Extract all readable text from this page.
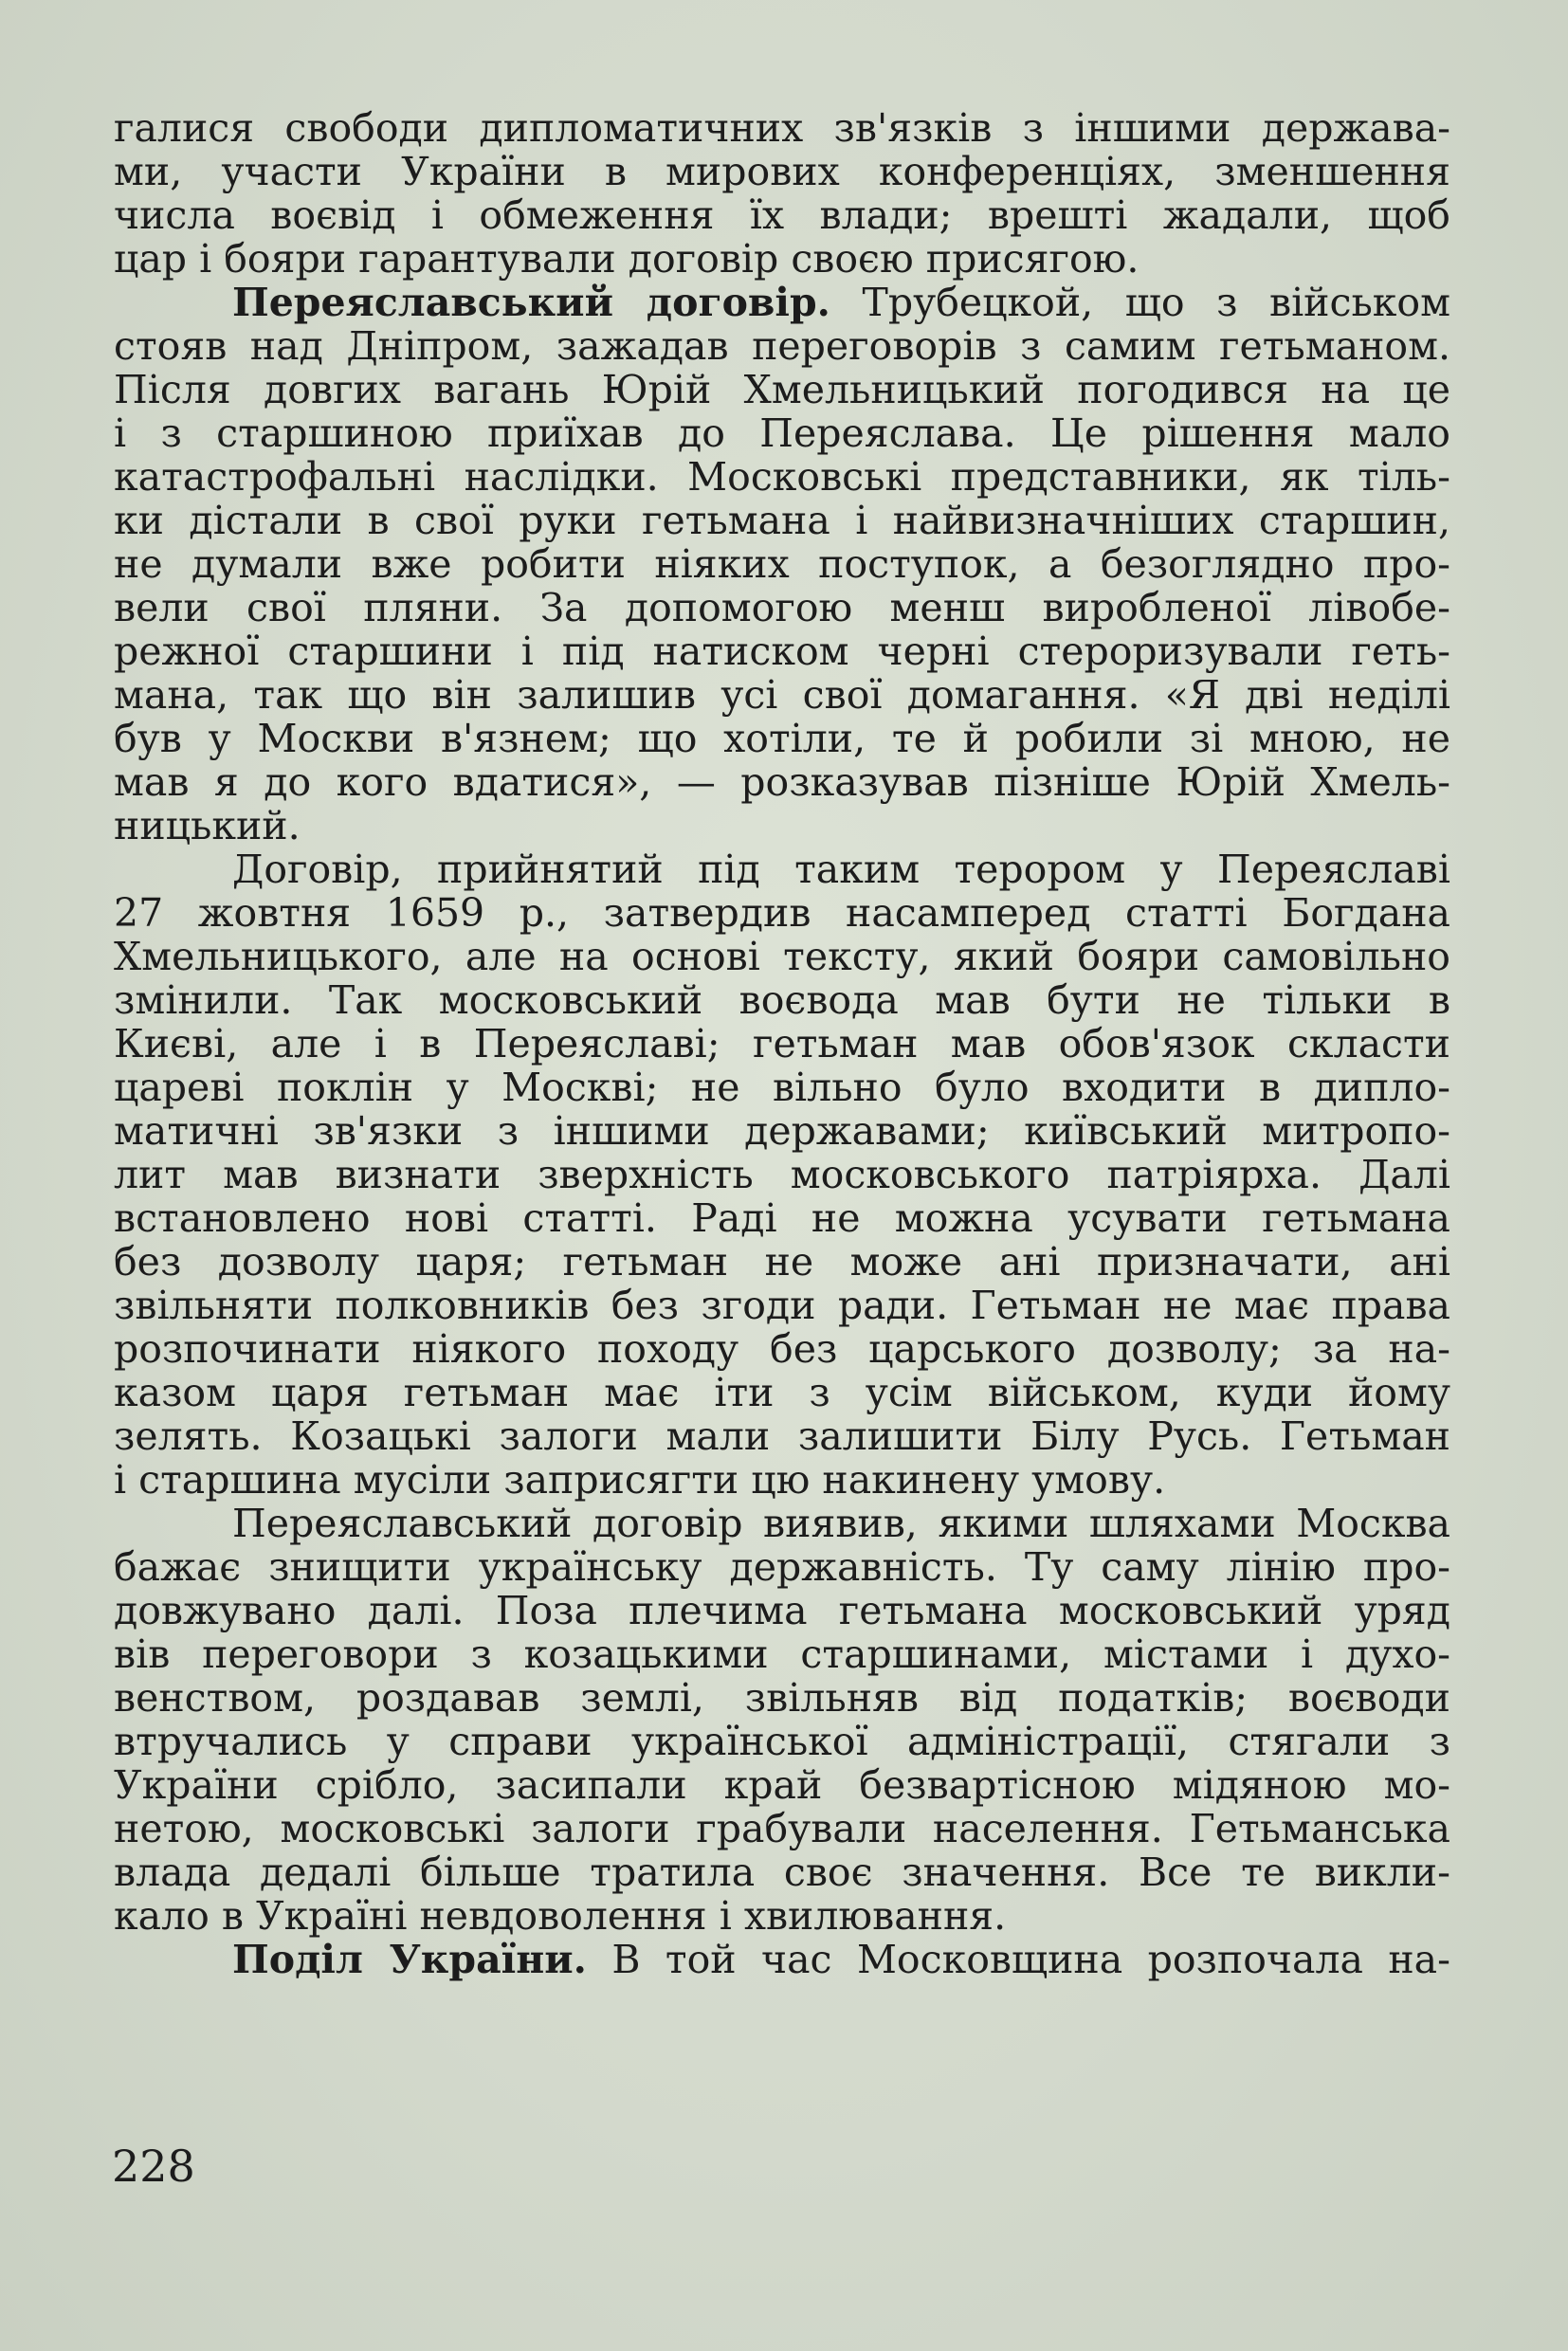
галися свободи дипломатичних зв'язків з іншими держава-
ми, участи України в мирових конференціях, зменшення
числа воєвід і обмеження їх влади; врешті жадали, щоб
цар і бояри гарантували договір своєю присягою.
Переяславський договір. Трубецкой, що з військом
стояв над Дніпром, зажадав переговорів з самим гетьманом.
Після довгих вагань Юрій Хмельницький погодився на це
і з старшиною приїхав до Переяслава. Це рішення мало
катастрофальні наслідки. Московські представники, як тіль-
ки дістали в свої руки гетьмана і найвизначніших старшин,
не думали вже робити ніяких поступок, а безоглядно про-
вели свої пляни. За допомогою менш виробленої лівобе-
режної старшини і під натиском черні стероризували геть-
мана, так що він залишив усі свої домагання. «Я дві неділі
був у Москви в'язнем; що хотіли, те й робили зі мною, не
мав я до кого вдатися», — розказував пізніше Юрій Хмель-
ницький.
Договір, прийнятий під таким терором у Переяславі
27 жовтня 1659 р., затвердив насамперед статті Богдана
Хмельницького, але на основі тексту, який бояри самовільно
змінили. Так московський воєвода мав бути не тільки в
Києві, але і в Переяславі; гетьман мав обов'язок скласти
цареві поклін у Москві; не вільно було входити в дипло-
матичні зв'язки з іншими державами; київський митропо-
лит мав визнати зверхність московського патріярха. Далі
встановлено нові статті. Раді не можна усувати гетьмана
без дозволу царя; гетьман не може ані призначати, ані
звільняти полковників без згоди ради. Гетьман не має права
розпочинати ніякого походу без царського дозволу; за на-
казом царя гетьман має іти з усім військом, куди йому
зелять. Козацькі залоги мали залишити Білу Русь. Гетьман
і старшина мусіли заприсягти цю накинену умову.
Переяславський договір виявив, якими шляхами Москва
бажає знищити українську державність. Ту саму лінію про-
довжувано далі. Поза плечима гетьмана московський уряд
вів переговори з козацькими старшинами, містами і духо-
венством, роздавав землі, звільняв від податків; воєводи
втручались у справи української адміністрації, стягали з
України срібло, засипали край безвартісною мідяною мо-
нетою, московські залоги грабували населення. Гетьманська
влада дедалі більше тратила своє значення. Все те викли-
кало в Україні невдоволення і хвилювання.
Поділ України. В той час Московщина розпочала на-
228
